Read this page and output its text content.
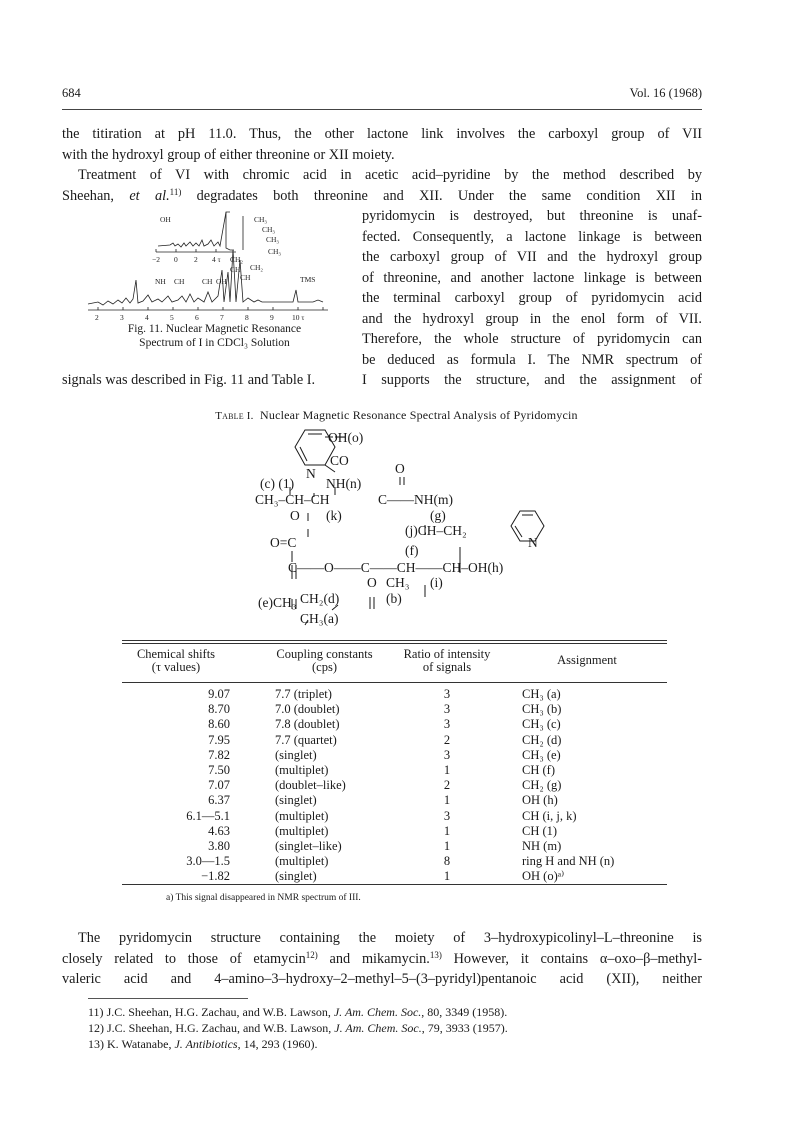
684	Vol. 16 (1968)
the titiration at pH 11.0. Thus, the other lactone link involves the carboxyl group of VII
with the hydroxyl group of either threonine or XII moiety.
Treatment of VI with chromic acid in acetic acid–pyridine by the method described by
Sheehan, et al.$^{11)}$ degradates both threonine and XII. Under the same condition XII in
pyridomycin is destroyed, but threonine is unaf-
fected. Consequently, a lactone linkage is between
the carboxyl group of VII and the hydroxyl group
of threonine, and another lactone linkage is between
the terminal carboxyl group of pyridomycin acid
and the hydroxyl group in the enol form of VII.
Therefore, the whole structure of pyridomycin can
be deduced as formula I. The NMR spectrum of
I supports the structure, and the assignment of
OH	CH₃
CH₃
CH₃
CH₃
−2 0 2 4 τ
NH CH CH OH
CH
CH₂
CH₂
CH	TMS
2	3	4	5	6	7	8	9 10 τ
Fig. 11. Nuclear Magnetic Resonance
Spectrum of I in CDCl₃ Solution
signals was described in Fig. 11 and Table I.
Table I. Nuclear Magnetic Resonance Spectral Analysis of Pyridomycin
OH(o)
N
CO
(c) (1) NH(n)
O
CH₃–CH–CH	C——NH(m)
O (k)	(g)
(j)CH–CH₂
N
O=C
(f)
C——O——C——CH——CH–OH(h)
(i)
O CH₃
CH₂(d)
(e)CH₃	(b)
CH₃(a)
Chemical shifts
(τ values)
Coupling constants
(cps)
Ratio of intensity
of signals	Assignment
9.07	7.7 (triplet)	3	CH₃ (a)
8.70	7.0 (doublet)	3	CH₃ (b)
8.60	7.8 (doublet)	3	CH₃ (c)
7.95	7.7 (quartet)	2	CH₂ (d)
7.82	(singlet)	3	CH₃ (e)
7.50	(multiplet)	1	CH (f)
7.07	(doublet–like)	2	CH₂ (g)
6.37	(singlet)	1	OH (h)
6.1—5.1	(multiplet)	3	CH (i, j, k)
4.63	(multiplet)	1	CH (1)
3.80	(singlet–like)	1	NH (m)
3.0—1.5	(multiplet)	8	ring H and NH (n)
−1.82	(singlet)	1	OH (o)ᵃ⁾
a) This signal disappeared in NMR spectrum of III.
The pyridomycin structure containing the moiety of 3–hydroxypicolinyl–L–threonine is
closely related to those of etamycin$^{12)}$ and mikamycin.$^{13)}$ However, it contains α–oxo–β–methyl-
valeric acid and 4–amino–3–hydroxy–2–methyl–5–(3–pyridyl)pentanoic acid (XII), neither
11) J.C. Sheehan, H.G. Zachau, and W.B. Lawson, J. Am. Chem. Soc., 80, 3349 (1958).
12) J.C. Sheehan, H.G. Zachau, and W.B. Lawson, J. Am. Chem. Soc., 79, 3933 (1957).
13) K. Watanabe, J. Antibiotics, 14, 293 (1960).
